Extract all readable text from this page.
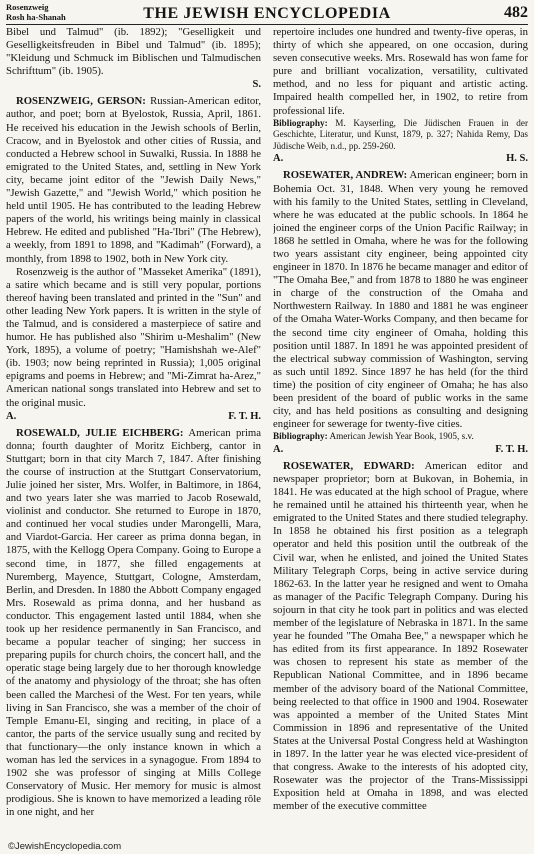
Rosenzweig
Rosh ha-Shanah	THE JEWISH ENCYCLOPEDIA	482

Bibel und Talmud" (ib. 1892); "Geselligkeit und Geselligkeitsfreuden in Bibel und Talmud" (ib. 1895); "Kleidung und Schmuck im Biblischen und Talmudischen Schrifttum" (ib. 1905).

S.

ROSENZWEIG, GERSON: Russian-American editor, author, and poet; born at Byelostok, Russia, April, 1861. He received his education in the Jewish schools of Berlin, Cracow, and in Byelostok and other cities of Russia, and conducted a Hebrew school in Suwalki, Russia. In 1888 he emigrated to the United States, and, settling in New York city, became joint editor of the "Jewish Daily News," "Jewish Gazette," and "Jewish World," which position he held until 1905. He has contributed to the leading Hebrew papers of the world, his writings being mainly in classical Hebrew. He edited and published "Ha-'Ibri" (The Hebrew), a weekly, from 1891 to 1898, and "Kadimah" (Forward), a monthly, from 1898 to 1902, both in New York city.

Rosenzweig is the author of "Masseket Amerika" (1891), a satire which became and is still very popular, portions thereof having been translated and printed in the "Sun" and other leading New York papers. It is written in the style of the Talmud, and is considered a masterpiece of satire and humor. He has published also "Shirim u-Meshalim" (New York, 1895), a volume of poetry; "Hamishshah we-Alef" (ib. 1903; now being reprinted in Russia); 1,005 original epigrams and poems in Hebrew; and "Mi-Zimrat ha-Arez," American national songs translated into Hebrew and set to the original music.

A.	F. T. H.

ROSEWALD, JULIE EICHBERG: American prima donna; fourth daughter of Moritz Eichberg, cantor in Stuttgart; born in that city March 7, 1847. After finishing the course of instruction at the Stuttgart Conservatorium, Julie joined her sister, Mrs. Wolfer, in Baltimore, in 1864, and two years later she was married to Jacob Rosewald, violinist and conductor. She returned to Europe in 1870, and continued her vocal studies under Marongelli, Mara, and Viardot-Garcia. Her career as prima donna began, in 1875, with the Kellogg Opera Company. Going to Europe a second time, in 1877, she filled engagements at Nuremberg, Mayence, Stuttgart, Cologne, Amsterdam, Berlin, and Dresden. In 1880 the Abbott Company engaged Mrs. Rosewald as prima donna, and her husband as conductor. This engagement lasted until 1884, when she took up her residence permanently in San Francisco, and became a popular teacher of singing; her success in preparing pupils for church choirs, the concert hall, and the operatic stage being largely due to her thorough knowledge of the anatomy and physiology of the throat; she has often been called the Marchesi of the West. For ten years, while living in San Francisco, she was a member of the choir of Temple Emanu-El, singing and reciting, in place of a cantor, the parts of the service usually sung and recited by that functionary—the only instance known in which a woman has led the services in a synagogue. From 1894 to 1902 she was professor of singing at Mills College Conservatory of Music. Her memory for music is almost prodigious. She is known to have memorized a leading rôle in one night, and her

repertoire includes one hundred and twenty-five operas, in thirty of which she appeared, on one occasion, during seven consecutive weeks. Mrs. Rosewald has won fame for pure and brilliant vocalization, versatility, cultivated method, and no less for piquant and artistic acting. Impaired health compelled her, in 1902, to retire from professional life.

Bibliography: M. Kayserling, Die Jüdischen Frauen in der Geschichte, Literatur, und Kunst, 1879, p. 327; Nahida Remy, Das Jüdische Weib, n.d., pp. 259-260.

A.	H. S.

ROSEWATER, ANDREW: American engineer; born in Bohemia Oct. 31, 1848. When very young he removed with his family to the United States, settling in Cleveland, where he was educated at the public schools. In 1864 he joined the engineer corps of the Union Pacific Railway; in 1868 he settled in Omaha, where he was for the following two years assistant city engineer, being appointed city engineer in 1870. In 1876 he became manager and editor of "The Omaha Bee," and from 1878 to 1880 he was engineer in charge of the construction of the Omaha and Northwestern Railway. In 1880 and 1881 he was engineer of the Omaha Water-Works Company, and then became for the second time city engineer of Omaha, holding this position until 1887. In 1891 he was appointed president of the electrical subway commission of Washington, serving as such until 1892. Since 1897 he has held (for the third time) the position of city engineer of Omaha; he has also been president of the board of public works in the same city, and has held positions as consulting and designing engineer for sewerage for twenty-five cities.

Bibliography: American Jewish Year Book, 1905, s.v.

A.	F. T. H.

ROSEWATER, EDWARD: American editor and newspaper proprietor; born at Bukovan, in Bohemia, in 1841. He was educated at the high school of Prague, where he remained until he attained his thirteenth year, when he emigrated to the United States and there studied telegraphy. In 1858 he obtained his first position as a telegraph operator and held this position until the outbreak of the Civil war, when he enlisted, and joined the United States Military Telegraph Corps, being in active service during 1862-63. In the latter year he resigned and went to Omaha as manager of the Pacific Telegraph Company. During his sojourn in that city he took part in politics and was elected member of the legislature of Nebraska in 1871. In the same year he founded "The Omaha Bee," a newspaper which he has edited from its first appearance. In 1892 Rosewater was chosen to represent his state as member of the Republican National Committee, and in 1896 became member of the advisory board of the National Committee, being reelected to that office in 1900 and 1904. Rosewater was appointed a member of the United States Mint Commission in 1896 and representative of the United States at the Universal Postal Congress held at Washington in 1897. In the latter year he was elected vice-president of that congress. Awake to the interests of his adopted city, Rosewater was the projector of the Trans-Mississippi Exposition held at Omaha in 1898, and was elected member of the executive committee

©JewishEncyclopedia.com
